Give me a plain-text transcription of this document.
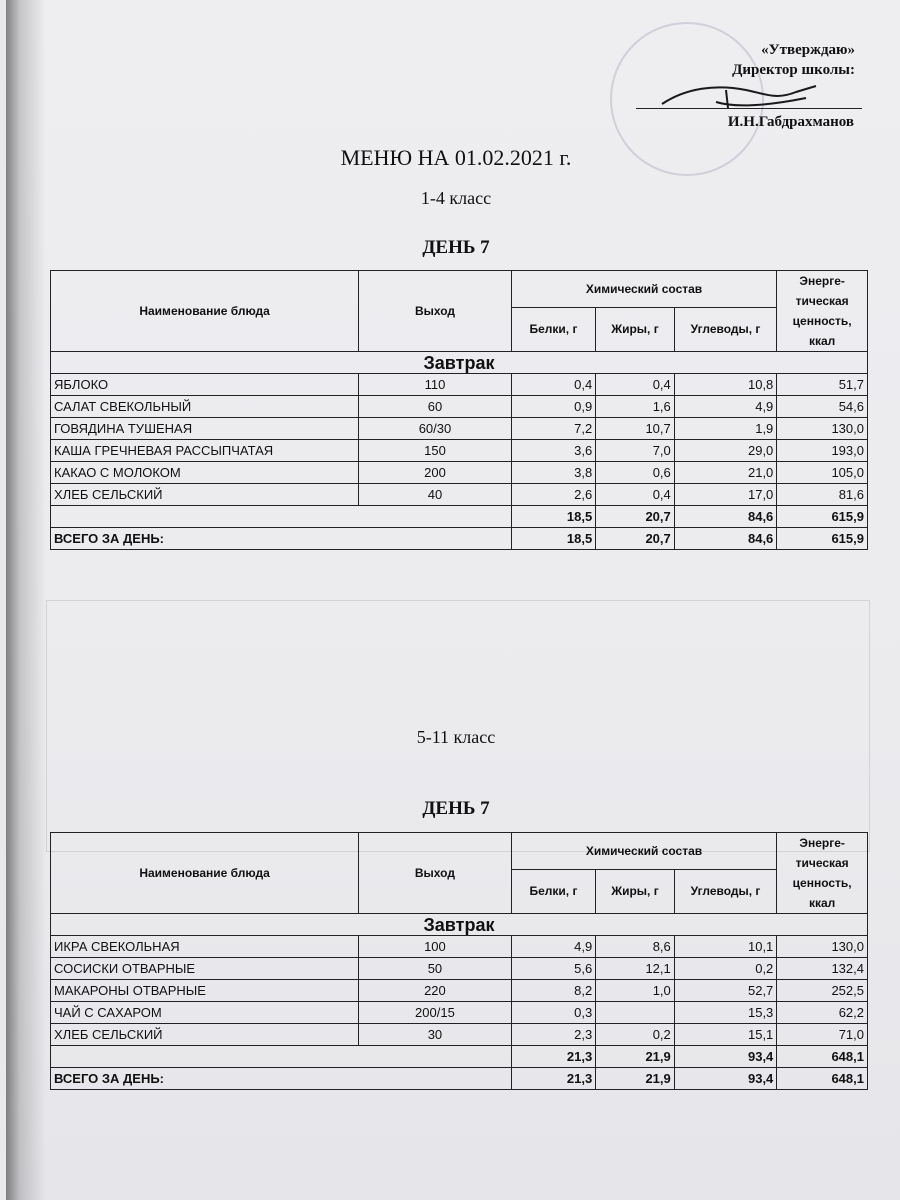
«Утверждаю»
Директор школы:
И.Н.Габдрахманов
МЕНЮ НА 01.02.2021 г.
1-4 класс
ДЕНЬ 7
Наименование блюда	Выход	Химический состав			Энерге-тическая ценность, ккал
		Белки, г	Жиры, г	Углеводы, г	
Завтрак					
ЯБЛОКО	110	0,4	0,4	10,8	51,7
САЛАТ СВЕКОЛЬНЫЙ	60	0,9	1,6	4,9	54,6
ГОВЯДИНА ТУШЕНАЯ	60/30	7,2	10,7	1,9	130,0
КАША ГРЕЧНЕВАЯ РАССЫПЧАТАЯ	150	3,6	7,0	29,0	193,0
КАКАО С МОЛОКОМ	200	3,8	0,6	21,0	105,0
ХЛЕБ СЕЛЬСКИЙ	40	2,6	0,4	17,0	81,6
		18,5	20,7	84,6	615,9
ВСЕГО ЗА ДЕНЬ:		18,5	20,7	84,6	615,9
5-11 класс
ДЕНЬ 7
Наименование блюда	Выход	Химический состав			Энерге-тическая ценность, ккал
		Белки, г	Жиры, г	Углеводы, г	
Завтрак					
ИКРА СВЕКОЛЬНАЯ	100	4,9	8,6	10,1	130,0
СОСИСКИ ОТВАРНЫЕ	50	5,6	12,1	0,2	132,4
МАКАРОНЫ ОТВАРНЫЕ	220	8,2	1,0	52,7	252,5
ЧАЙ С САХАРОМ	200/15	0,3		15,3	62,2
ХЛЕБ СЕЛЬСКИЙ	30	2,3	0,2	15,1	71,0
		21,3	21,9	93,4	648,1
ВСЕГО ЗА ДЕНЬ:		21,3	21,9	93,4	648,1
